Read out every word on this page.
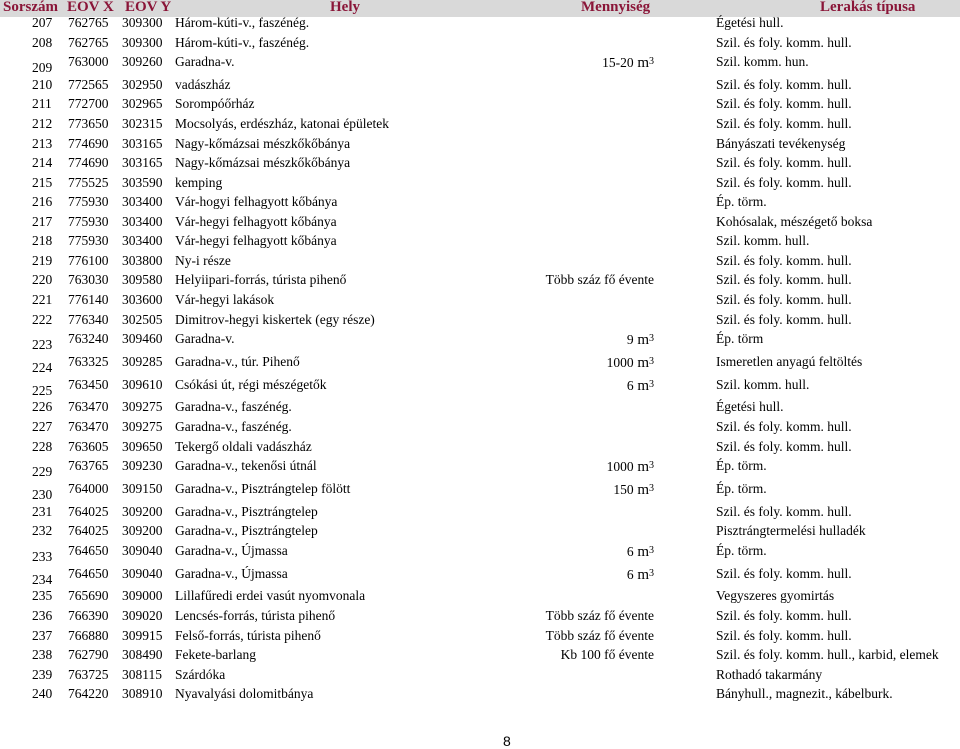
Sorszám EOV X EOV Y	Hely	Mennyiség	Lerakás típusa
207 762765 309300 Három-kúti-v., faszénég.	Égetési hull.
208 762765 309300 Három-kúti-v., faszénég.	Szil. és foly. komm. hull.
209 763000 309260 Garadna-v.	15-20 $m^3$	Szil. komm. hun.
210 772565 302950 vadászház	Szil. és foly. komm. hull.
211 772700 302965 Sorompóőrház	Szil. és foly. komm. hull.
212 773650 302315 Mocsolyás, erdészház, katonai épületek	Szil. és foly. komm. hull.
213 774690 303165 Nagy-kőmázsai mészkőkőbánya	Bányászati tevékenység
214 774690 303165 Nagy-kőmázsai mészkőkőbánya	Szil. és foly. komm. hull.
215 775525 303590 kemping	Szil. és foly. komm. hull.
216 775930 303400 Vár-hogyi felhagyott kőbánya	Ép. törm.
217 775930 303400 Vár-hegyi felhagyott kőbánya	Kohósalak, mészégető boksa
218 775930 303400 Vár-hegyi felhagyott kőbánya	Szil. komm. hull.
219 776100 303800 Ny-i része	Szil. és foly. komm. hull.
220 763030 309580 Helyiipari-forrás, túrista pihenő	Több száz fő évente	Szil. és foly. komm. hull.
221 776140 303600 Vár-hegyi lakások	Szil. és foly. komm. hull.
222 776340 302505 Dimitrov-hegyi kiskertek (egy része)	Szil. és foly. komm. hull.
223 763240 309460 Garadna-v.	9 $m^3$	Ép. törm
224 763325 309285 Garadna-v., túr. Pihenő	1000 $m^3$	Ismeretlen anyagú feltöltés
225 763450 309610 Csókási út, régi mészégetők	6 $m^3$	Szil. komm. hull.
226 763470 309275 Garadna-v., faszénég.	Égetési hull.
227 763470 309275 Garadna-v., faszénég.	Szil. és foly. komm. hull.
228 763605 309650 Tekergő oldali vadászház	Szil. és foly. komm. hull.
229 763765 309230 Garadna-v., tekenősi útnál	1000 $m^3$	Ép. törm.
230 764000 309150 Garadna-v., Pisztrángtelep fölött	150 $m^3$	Ép. törm.
231 764025 309200 Garadna-v., Pisztrángtelep	Szil. és foly. komm. hull.
232 764025 309200 Garadna-v., Pisztrángtelep	Pisztrángtermelési hulladék
233 764650 309040 Garadna-v., Újmassa	6 $m^3$	Ép. törm.
234 764650 309040 Garadna-v., Újmassa	6 $m^3$	Szil. és foly. komm. hull.
235 765690 309000 Lillafűredi erdei vasút nyomvonala	Vegyszeres gyomirtás
236 766390 309020 Lencsés-forrás, túrista pihenő	Több száz fő évente	Szil. és foly. komm. hull.
237 766880 309915 Felső-forrás, túrista pihenő	Több száz fő évente	Szil. és foly. komm. hull.
238 762790 308490 Fekete-barlang	Kb 100 fő évente	Szil. és foly. komm. hull., karbid, elemek
239 763725 308115 Szárdóka	Rothadó takarmány
240 764220 308910 Nyavalyási dolomitbánya	Bányhull., magnezit., kábelburk.
8
